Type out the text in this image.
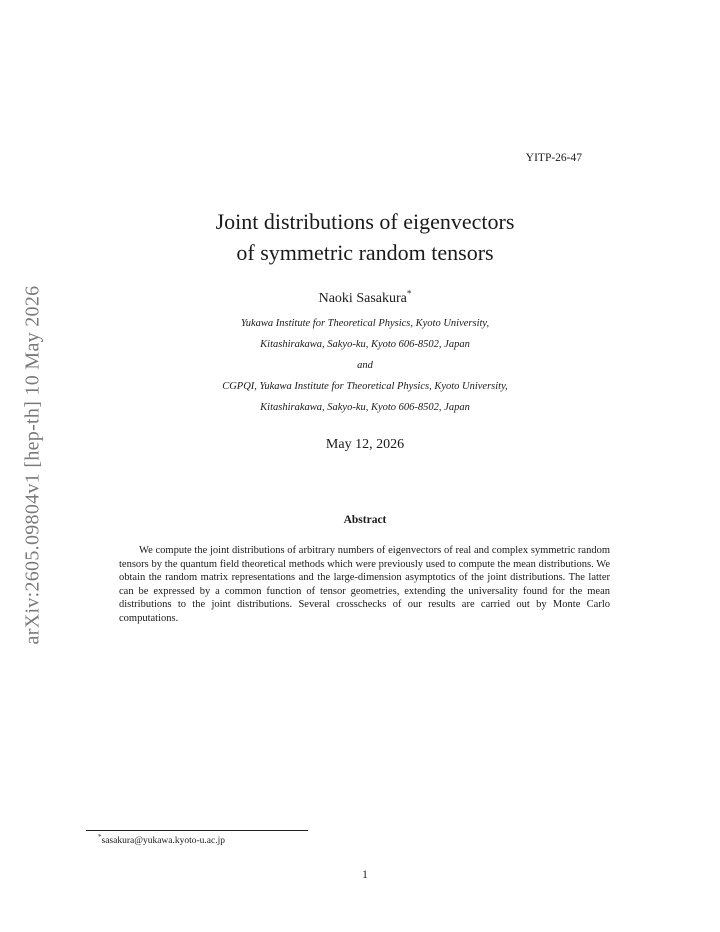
arXiv:2605.09804v1 [hep-th] 10 May 2026
YITP-26-47
Joint distributions of eigenvectors
of symmetric random tensors
Naoki Sasakura*
Yukawa Institute for Theoretical Physics, Kyoto University,
Kitashirakawa, Sakyo-ku, Kyoto 606-8502, Japan
and
CGPQI, Yukawa Institute for Theoretical Physics, Kyoto University,
Kitashirakawa, Sakyo-ku, Kyoto 606-8502, Japan
May 12, 2026
Abstract

We compute the joint distributions of arbitrary numbers of eigenvectors of real and complex symmetric random tensors by the quantum field theoretical methods which were previously used to compute the mean distributions. We obtain the random matrix representations and the large-dimension asymptotics of the joint distributions. The latter can be expressed by a common function of tensor geometries, extending the universality found for the mean distributions to the joint distributions. Several crosschecks of our results are carried out by Monte Carlo computations.

*sasakura@yukawa.kyoto-u.ac.jp
1
